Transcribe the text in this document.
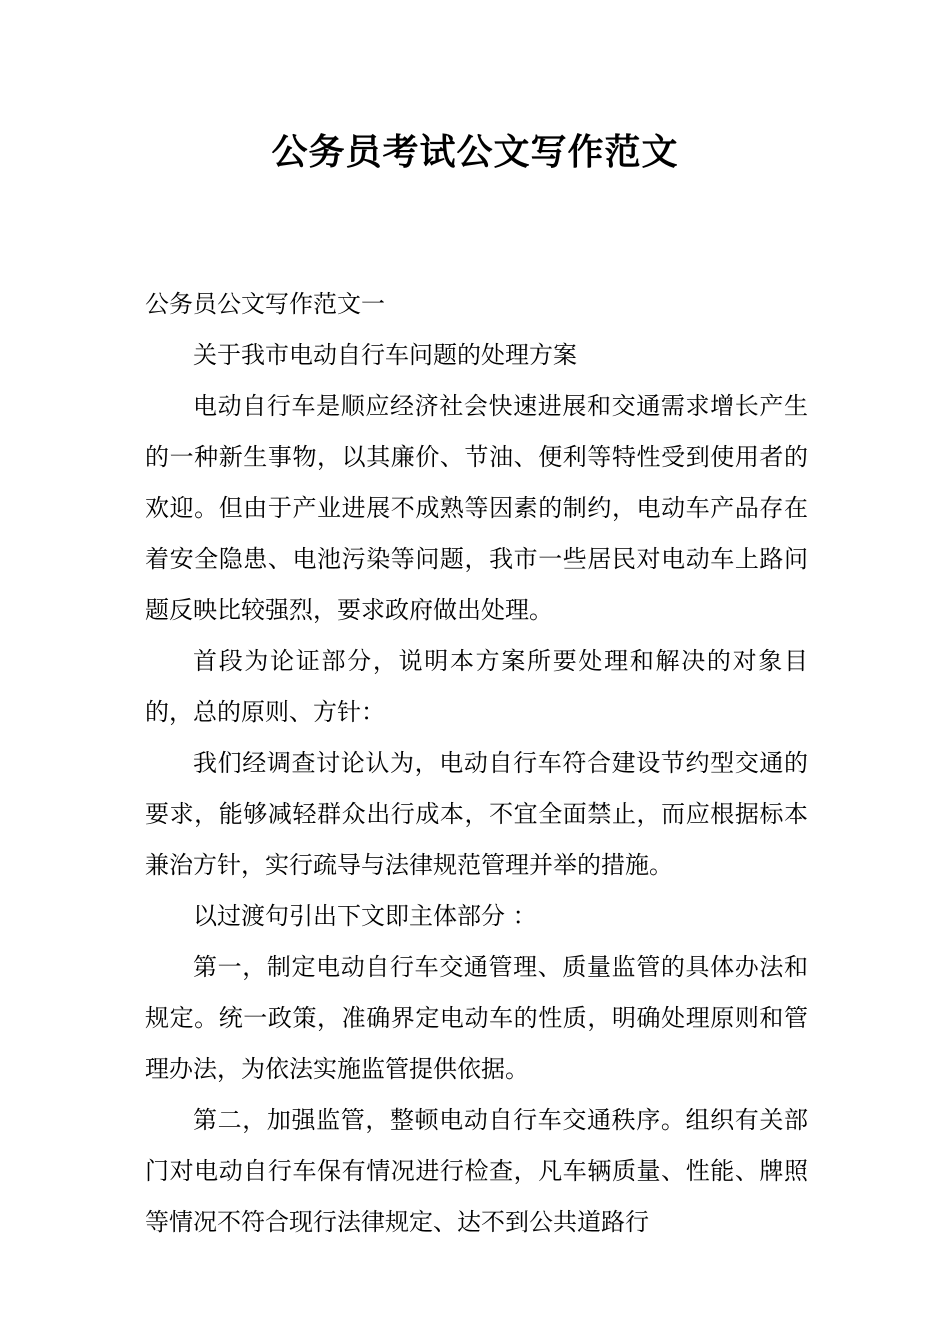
公务员考试公文写作范文

公务员公文写作范文一

关于我市电动自行车问题的处理方案

电动自行车是顺应经济社会快速进展和交通需求增长产生的一种新生事物，以其廉价、节油、便利等特性受到使用者的欢迎。但由于产业进展不成熟等因素的制约，电动车产品存在着安全隐患、电池污染等问题，我市一些居民对电动车上路问题反映比较强烈，要求政府做出处理。

首段为论证部分，说明本方案所要处理和解决的对象目的，总的原则、方针：

我们经调查讨论认为，电动自行车符合建设节约型交通的要求，能够减轻群众出行成本，不宜全面禁止，而应根据标本兼治方针，实行疏导与法律规范管理并举的措施。

以过渡句引出下文即主体部分 ：

第一，制定电动自行车交通管理、质量监管的具体办法和规定。统一政策，准确界定电动车的性质，明确处理原则和管理办法，为依法实施监管提供依据。

第二，加强监管，整顿电动自行车交通秩序。组织有关部门对电动自行车保有情况进行检查，凡车辆质量、性能、牌照等情况不符合现行法律规定、达不到公共道路行
